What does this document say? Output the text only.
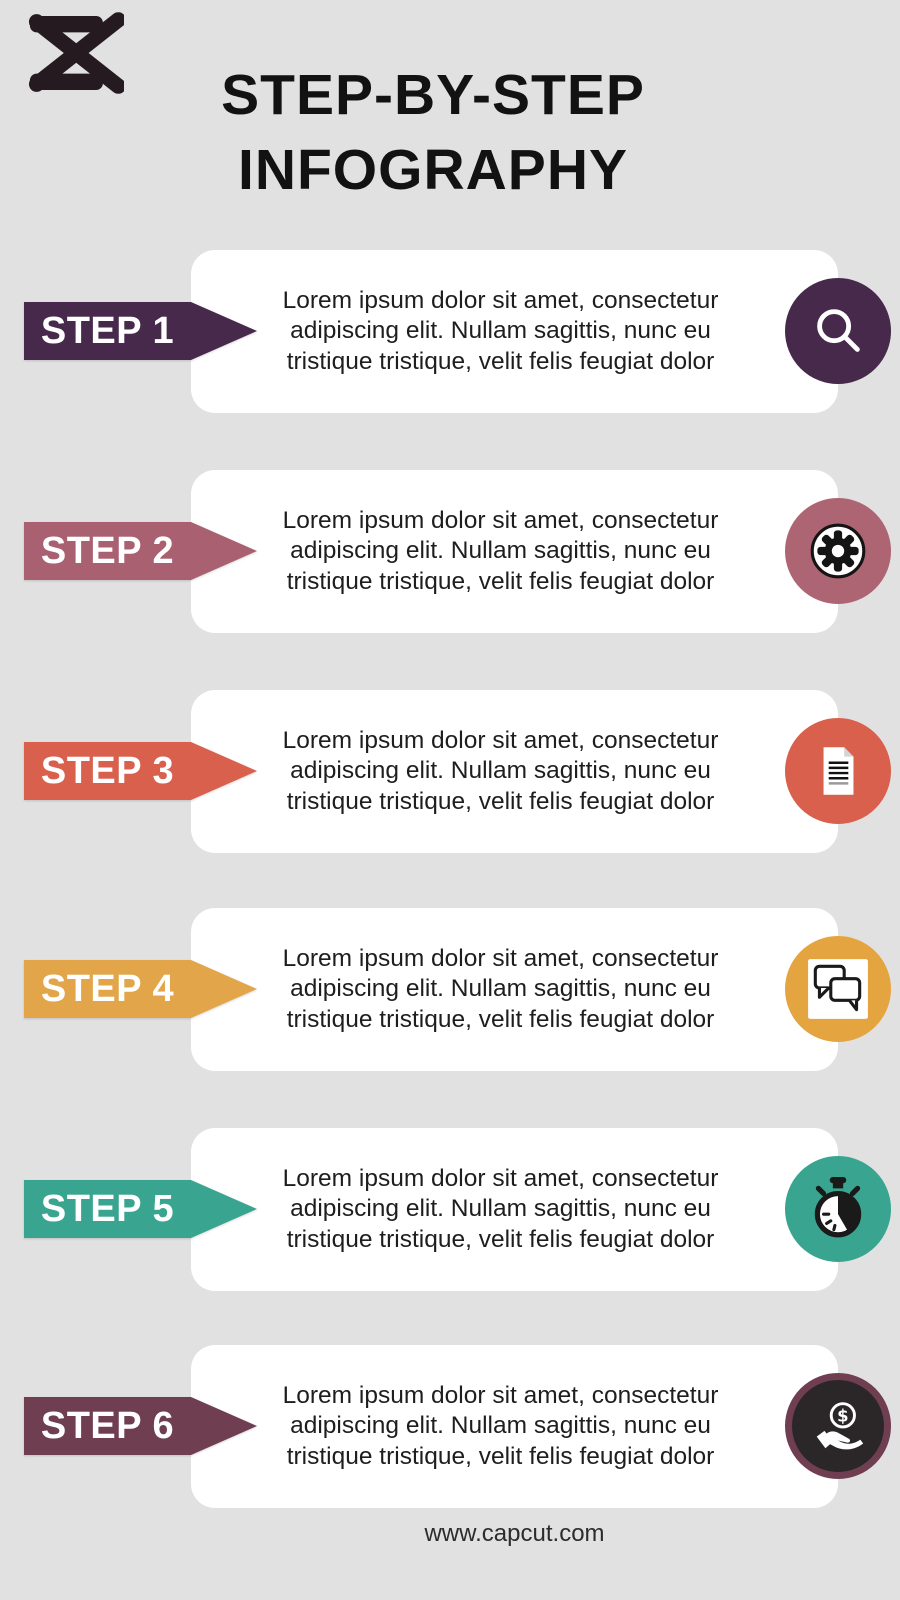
STEP-BY-STEP
INFOGRAPHY

Lorem ipsum dolor sit amet, consectetur adipiscing elit. Nullam sagittis, nunc eu tristique tristique, velit felis feugiat dolor

STEP 1

Lorem ipsum dolor sit amet, consectetur adipiscing elit. Nullam sagittis, nunc eu tristique tristique, velit felis feugiat dolor

STEP 2

Lorem ipsum dolor sit amet, consectetur adipiscing elit. Nullam sagittis, nunc eu tristique tristique, velit felis feugiat dolor

STEP 3

Lorem ipsum dolor sit amet, consectetur adipiscing elit. Nullam sagittis, nunc eu tristique tristique, velit felis feugiat dolor

STEP 4

Lorem ipsum dolor sit amet, consectetur adipiscing elit. Nullam sagittis, nunc eu tristique tristique, velit felis feugiat dolor

STEP 5

Lorem ipsum dolor sit amet, consectetur adipiscing elit. Nullam sagittis, nunc eu tristique tristique, velit felis feugiat dolor

STEP 6	$
www.capcut.com
